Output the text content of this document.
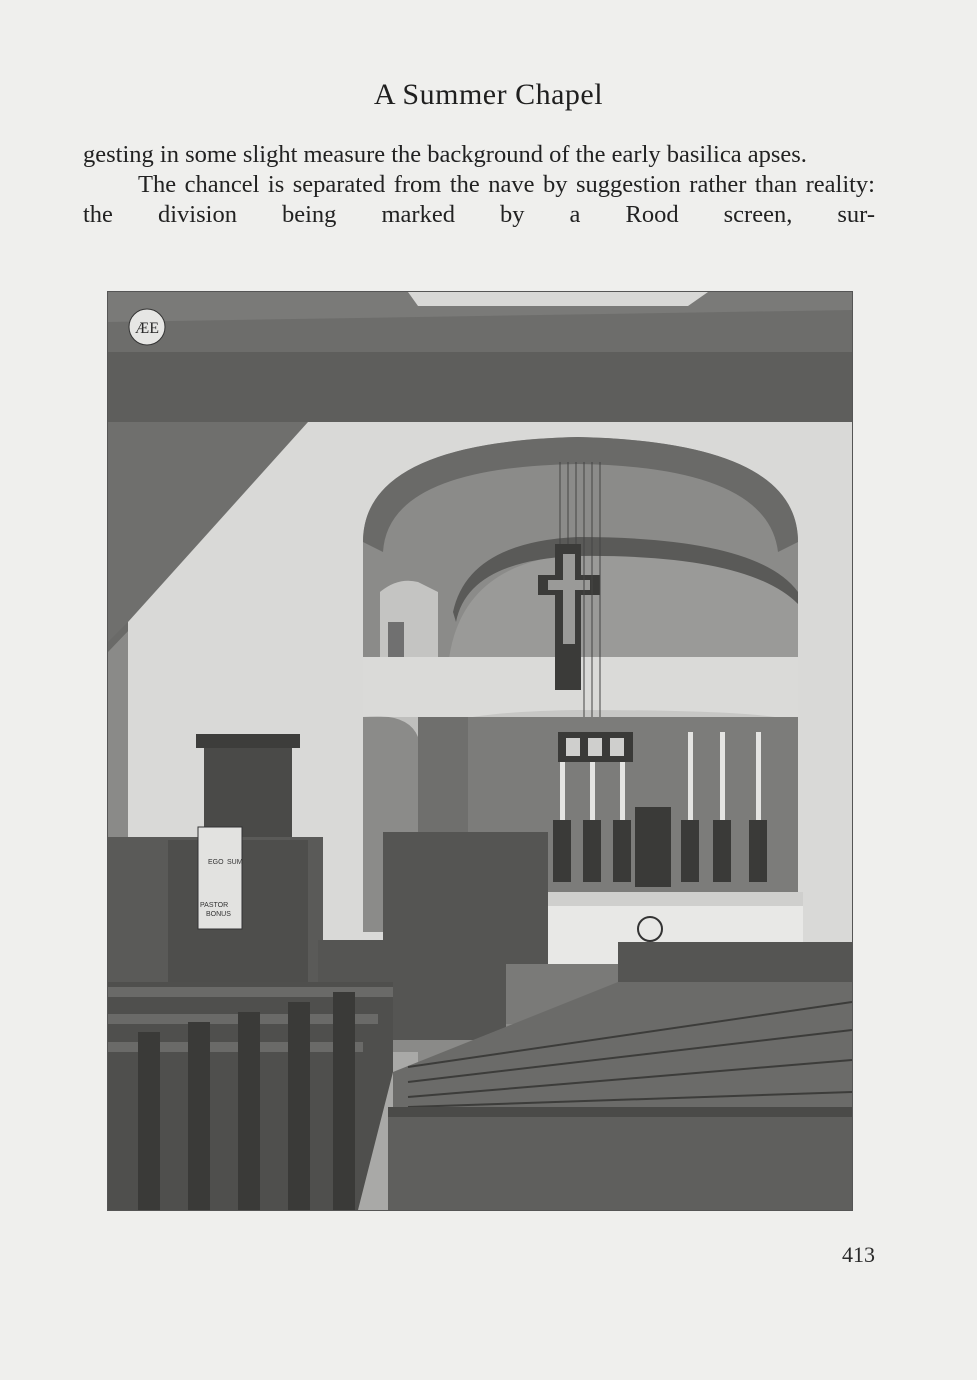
A Summer Chapel

gesting in some slight measure the background of the early basilica apses.

The chancel is separated from the nave by suggestion rather than reality: the division being marked by a Rood screen, sur-

EGO SUM
PASTOR
BONUS
ÆE
413
